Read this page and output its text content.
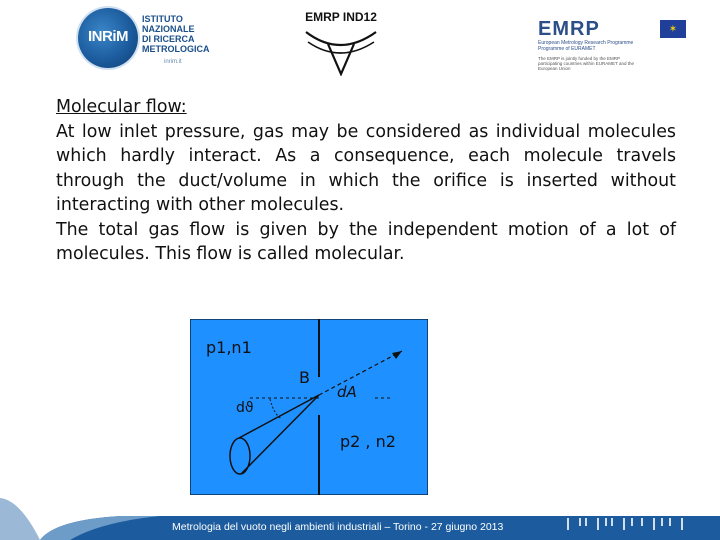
INRiM
ISTITUTO
NAZIONALE
DI RICERCA
METROLOGICA
inrim.it
EMRP IND12
EMRP
European Metrology Research Programme
Programme of EURAMET
The EMRP is jointly funded by the EMRP participating countries within EURAMET and the European Union
✶

Molecular flow:

At low inlet pressure, gas may be considered as individual molecules which hardly interact. As a consequence, each molecule travels through the duct/volume in which the orifice is inserted without interacting with other molecules.

The total gas flow is given by the independent motion of a lot of molecules. This flow is called molecular.

p1,n1
B
dA
dϑ
p2 , n2
Metrologia del vuoto negli ambienti industriali – Torino - 27 giugno 2013
